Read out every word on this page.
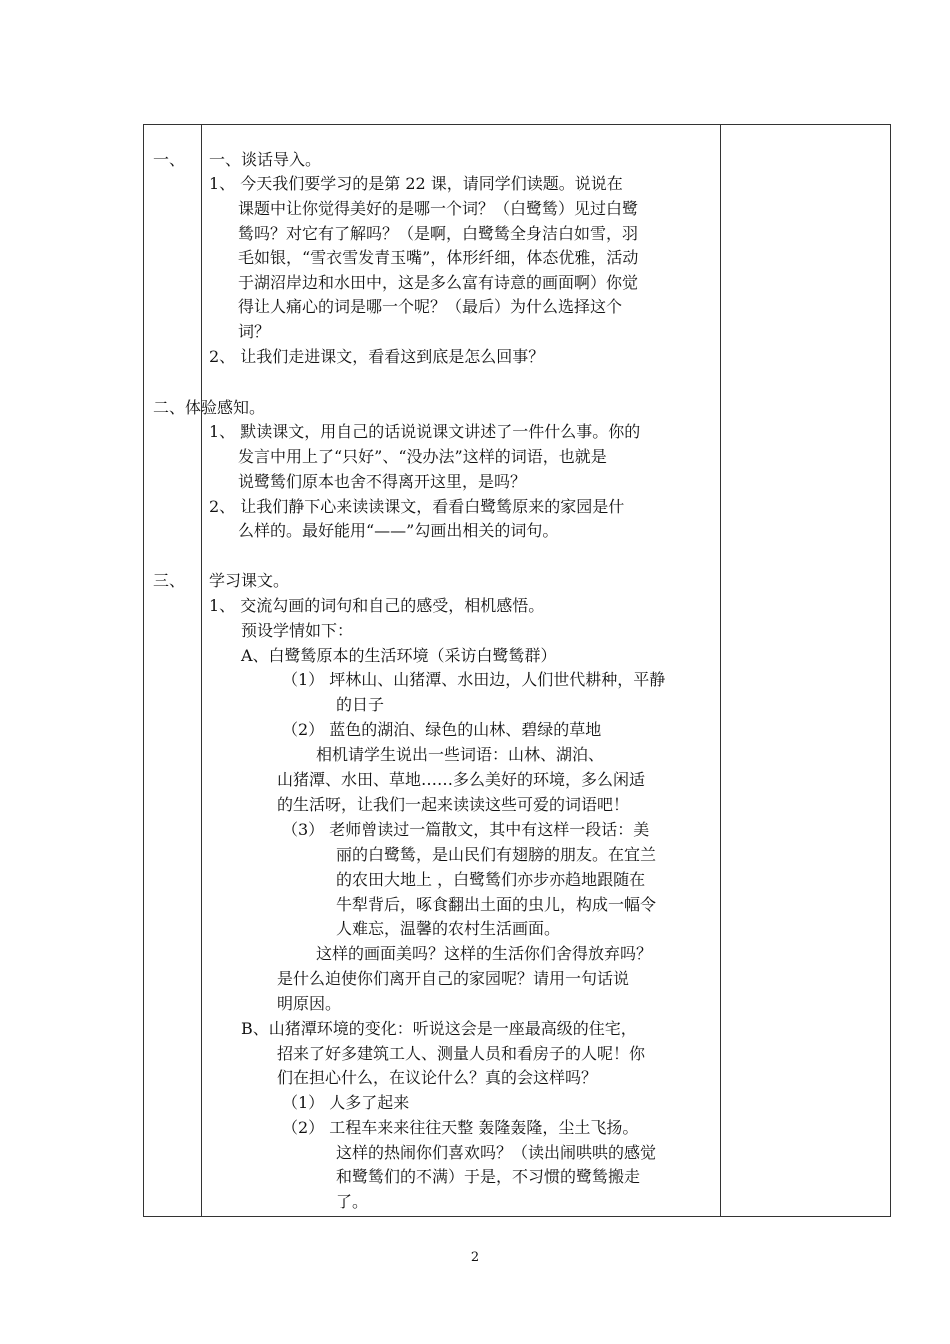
一、 一、谈话导入。
1、 今天我们要学习的是第 22 课，请同学们读题。说说在
课题中让你觉得美好的是哪一个词？（白鹭鸶）见过白鹭
鸶吗？对它有了解吗？（是啊，白鹭鸶全身洁白如雪，羽
毛如银，“雪衣雪发青玉嘴”，体形纤细，体态优雅，活动
于湖沼岸边和水田中，这是多么富有诗意的画面啊）你觉
得让人痛心的词是哪一个呢？（最后）为什么选择这个
词？
2、 让我们走进课文，看看这到底是怎么回事？
二、体验感知。
1、 默读课文，用自己的话说说课文讲述了一件什么事。你的
发言中用上了“只好”、“没办法”这样的词语，也就是
说鹭鸶们原本也舍不得离开这里，是吗？
2、 让我们静下心来读读课文，看看白鹭鸶原来的家园是什
么样的。最好能用“——”勾画出相关的词句。
三、 学习课文。
1、 交流勾画的词句和自己的感受，相机感悟。
预设学情如下：
A、白鹭鸶原本的生活环境（采访白鹭鸶群）
（1） 坪林山、山猪潭、水田边，人们世代耕种，平静
的日子
（2） 蓝色的湖泊、绿色的山林、碧绿的草地
相机请学生说出一些词语：山林、湖泊、
山猪潭、水田、草地……多么美好的环境，多么闲适
的生活呀，让我们一起来读读这些可爱的词语吧！
（3） 老师曾读过一篇散文，其中有这样一段话：美
丽的白鹭鸶，是山民们有翅膀的朋友。在宜兰
的农田大地上 ，白鹭鸶们亦步亦趋地跟随在
牛犁背后，啄食翻出土面的虫儿，构成一幅令
人难忘，温馨的农村生活画面。
这样的画面美吗？这样的生活你们舍得放弃吗？
是什么迫使你们离开自己的家园呢？请用一句话说
明原因。
B、山猪潭环境的变化：听说这会是一座最高级的住宅，
招来了好多建筑工人、测量人员和看房子的人呢！你
们在担心什么，在议论什么？真的会这样吗？
（1） 人多了起来
（2） 工程车来来往往天整 轰隆轰隆，尘土飞扬。
这样的热闹你们喜欢吗？（读出闹哄哄的感觉
和鹭鸶们的不满）于是，不习惯的鹭鸶搬走
了。
2
